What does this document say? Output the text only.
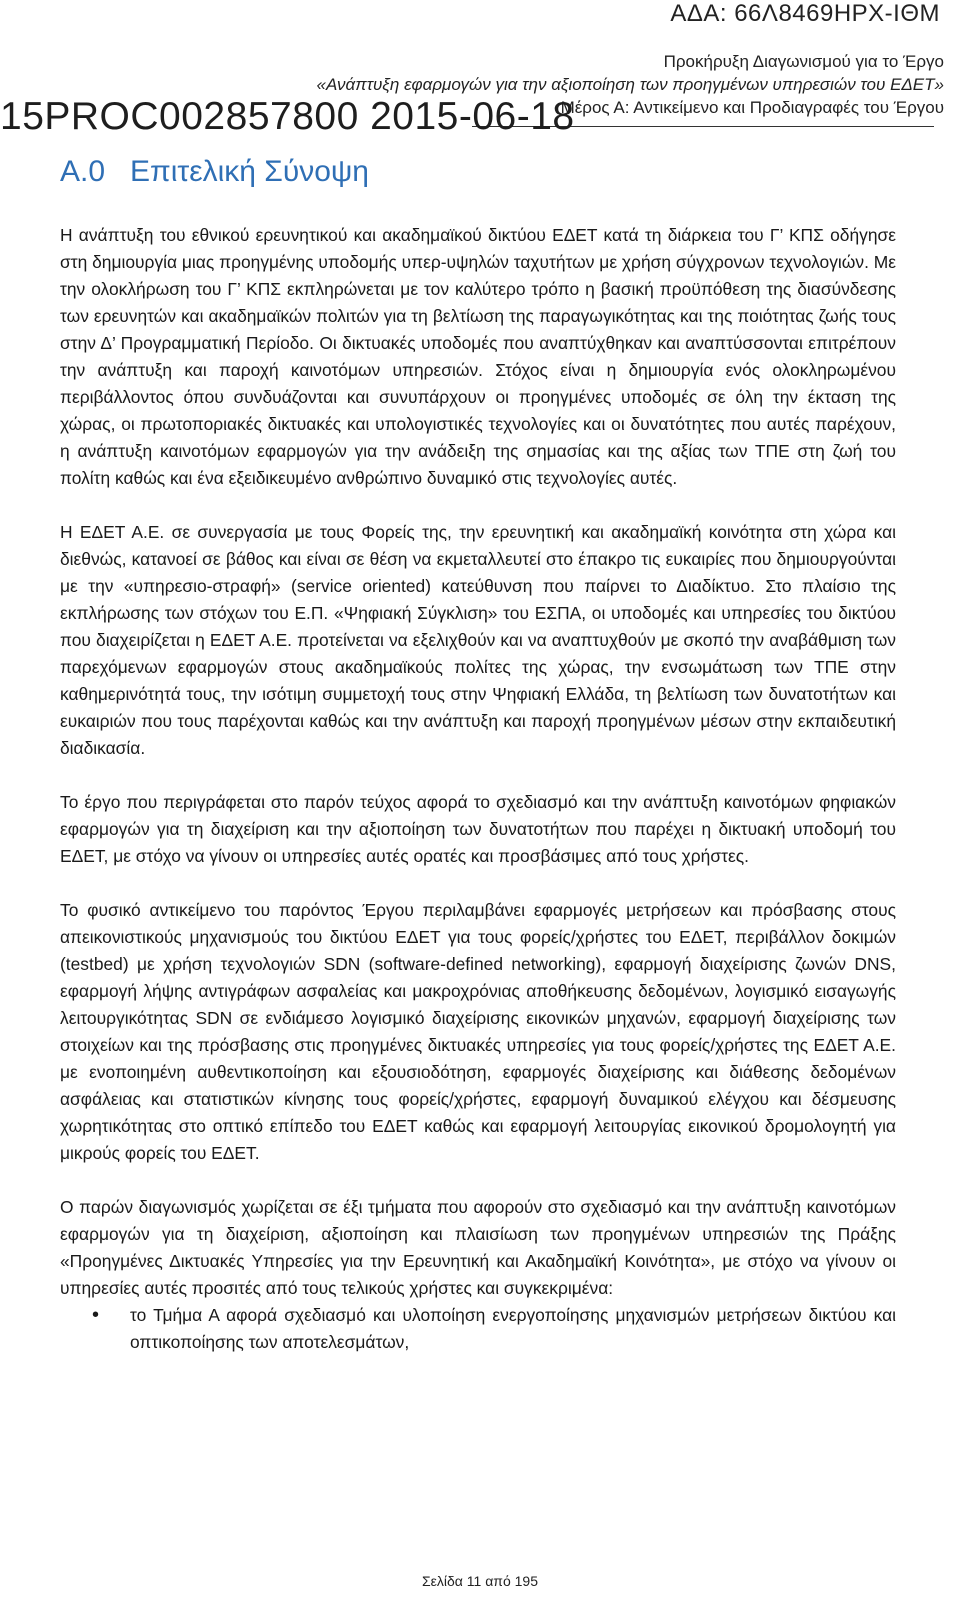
ΑΔΑ: 66Λ8469ΗΡΧ-ΙΘΜ
Προκήρυξη Διαγωνισμού για το Έργο
«Ανάπτυξη εφαρμογών για την αξιοποίηση των προηγμένων υπηρεσιών του ΕΔΕΤ»
Μέρος Α: Αντικείμενο και Προδιαγραφές του Έργου
15PROC002857800 2015-06-18
Α.0 Επιτελική Σύνοψη

Η ανάπτυξη του εθνικού ερευνητικού και ακαδημαϊκού δικτύου ΕΔΕΤ κατά τη διάρκεια του Γ’ ΚΠΣ οδήγησε στη δημιουργία μιας προηγμένης υποδομής υπερ-υψηλών ταχυτήτων με χρήση σύγχρονων τεχνολογιών. Με την ολοκλήρωση του Γ’ ΚΠΣ εκπληρώνεται με τον καλύτερο τρόπο η βασική προϋπόθεση της διασύνδεσης των ερευνητών και ακαδημαϊκών πολιτών για τη βελτίωση της παραγωγικότητας και της ποιότητας ζωής τους στην Δ’ Προγραμματική Περίοδο. Οι δικτυακές υποδομές που αναπτύχθηκαν και αναπτύσσονται επιτρέπουν την ανάπτυξη και παροχή καινοτόμων υπηρεσιών. Στόχος είναι η δημιουργία ενός ολοκληρωμένου περιβάλλοντος όπου συνδυάζονται και συνυπάρχουν οι προηγμένες υποδομές σε όλη την έκταση της χώρας, οι πρωτοποριακές δικτυακές και υπολογιστικές τεχνολογίες και οι δυνατότητες που αυτές παρέχουν, η ανάπτυξη καινοτόμων εφαρμογών για την ανάδειξη της σημασίας και της αξίας των ΤΠΕ στη ζωή του πολίτη καθώς και ένα εξειδικευμένο ανθρώπινο δυναμικό στις τεχνολογίες αυτές.

Η ΕΔΕΤ Α.Ε. σε συνεργασία με τους Φορείς της, την ερευνητική και ακαδημαϊκή κοινότητα στη χώρα και διεθνώς, κατανοεί σε βάθος και είναι σε θέση να εκμεταλλευτεί στο έπακρο τις ευκαιρίες που δημιουργούνται με την «υπηρεσιο-στραφή» (service oriented) κατεύθυνση που παίρνει το Διαδίκτυο. Στο πλαίσιο της εκπλήρωσης των στόχων του Ε.Π. «Ψηφιακή Σύγκλιση» του ΕΣΠΑ, οι υποδομές και υπηρεσίες του δικτύου που διαχειρίζεται η ΕΔΕΤ Α.Ε. προτείνεται να εξελιχθούν και να αναπτυχθούν με σκοπό την αναβάθμιση των παρεχόμενων εφαρμογών στους ακαδημαϊκούς πολίτες της χώρας, την ενσωμάτωση των ΤΠΕ στην καθημερινότητά τους, την ισότιμη συμμετοχή τους στην Ψηφιακή Ελλάδα, τη βελτίωση των δυνατοτήτων και ευκαιριών που τους παρέχονται καθώς και την ανάπτυξη και παροχή προηγμένων μέσων στην εκπαιδευτική διαδικασία.

Το έργο που περιγράφεται στο παρόν τεύχος αφορά το σχεδιασμό και την ανάπτυξη καινοτόμων φηφιακών εφαρμογών για τη διαχείριση και την αξιοποίηση των δυνατοτήτων που παρέχει η δικτυακή υποδομή του ΕΔΕΤ, με στόχο να γίνουν οι υπηρεσίες αυτές ορατές και προσβάσιμες από τους χρήστες.

Το φυσικό αντικείμενο του παρόντος Έργου περιλαμβάνει εφαρμογές μετρήσεων και πρόσβασης στους απεικονιστικούς μηχανισμούς του δικτύου ΕΔΕΤ για τους φορείς/χρήστες του ΕΔΕΤ, περιβάλλον δοκιμών (testbed) με χρήση τεχνολογιών SDN (software-defined networking), εφαρμογή διαχείρισης ζωνών DNS, εφαρμογή λήψης αντιγράφων ασφαλείας και μακροχρόνιας αποθήκευσης δεδομένων, λογισμικό εισαγωγής λειτουργικότητας SDN σε ενδιάμεσο λογισμικό διαχείρισης εικονικών μηχανών, εφαρμογή διαχείρισης των στοιχείων και της πρόσβασης στις προηγμένες δικτυακές υπηρεσίες για τους φορείς/χρήστες της ΕΔΕΤ Α.Ε. με ενοποιημένη αυθεντικοποίηση και εξουσιοδότηση, εφαρμογές διαχείρισης και διάθεσης δεδομένων ασφάλειας και στατιστικών κίνησης τους φορείς/χρήστες, εφαρμογή δυναμικού ελέγχου και δέσμευσης χωρητικότητας στο οπτικό επίπεδο του ΕΔΕΤ καθώς και εφαρμογή λειτουργίας εικονικού δρομολογητή για μικρούς φορείς του ΕΔΕΤ.

Ο παρών διαγωνισμός χωρίζεται σε έξι τμήματα που αφορούν στο σχεδιασμό και την ανάπτυξη καινοτόμων εφαρμογών για τη διαχείριση, αξιοποίηση και πλαισίωση των προηγμένων υπηρεσιών της Πράξης «Προηγμένες Δικτυακές Υπηρεσίες για την Ερευνητική και Ακαδημαϊκή Κοινότητα», με στόχο να γίνουν οι υπηρεσίες αυτές προσιτές από τους τελικούς χρήστες και συγκεκριμένα:

• το Τμήμα Α αφορά σχεδιασμό και υλοποίηση ενεργοποίησης μηχανισμών μετρήσεων δικτύου και οπτικοποίησης των αποτελεσμάτων,
Σελίδα 11 από 195
